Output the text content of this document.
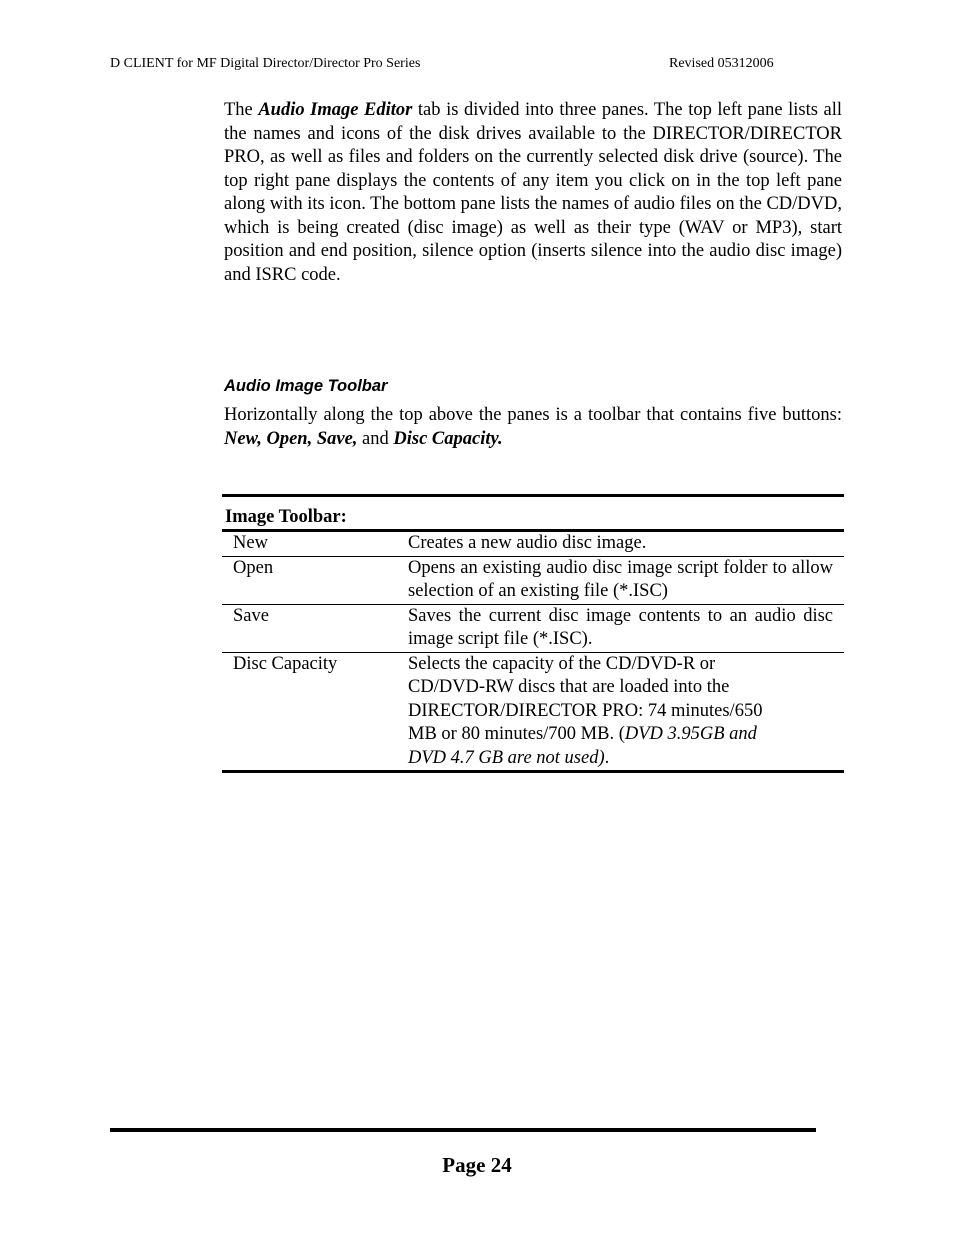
D CLIENT for MF Digital Director/Director Pro Series	Revised 05312006

The Audio Image Editor tab is divided into three panes. The top left pane lists all the names and icons of the disk drives available to the DIRECTOR/DIRECTOR PRO, as well as files and folders on the currently selected disk drive (source). The top right pane displays the contents of any item you click on in the top left pane along with its icon. The bottom pane lists the names of audio files on the CD/DVD, which is being created (disc image) as well as their type (WAV or MP3), start position and end position, silence option (inserts silence into the audio disc image) and ISRC code.

Audio Image Toolbar

Horizontally along the top above the panes is a toolbar that contains five buttons: New, Open, Save, and Disc Capacity.

Image Toolbar:
New	Creates a new audio disc image.
Open	Opens an existing audio disc image script folder to allow selection of an existing file (*.ISC)
Save	Saves the current disc image contents to an audio disc image script file (*.ISC).
Disc Capacity	Selects the capacity of the CD/DVD-R or
CD/DVD-RW discs that are loaded into the
DIRECTOR/DIRECTOR PRO: 74 minutes/650
MB or 80 minutes/700 MB. (DVD 3.95GB and
DVD 4.7 GB are not used).
Page 24
